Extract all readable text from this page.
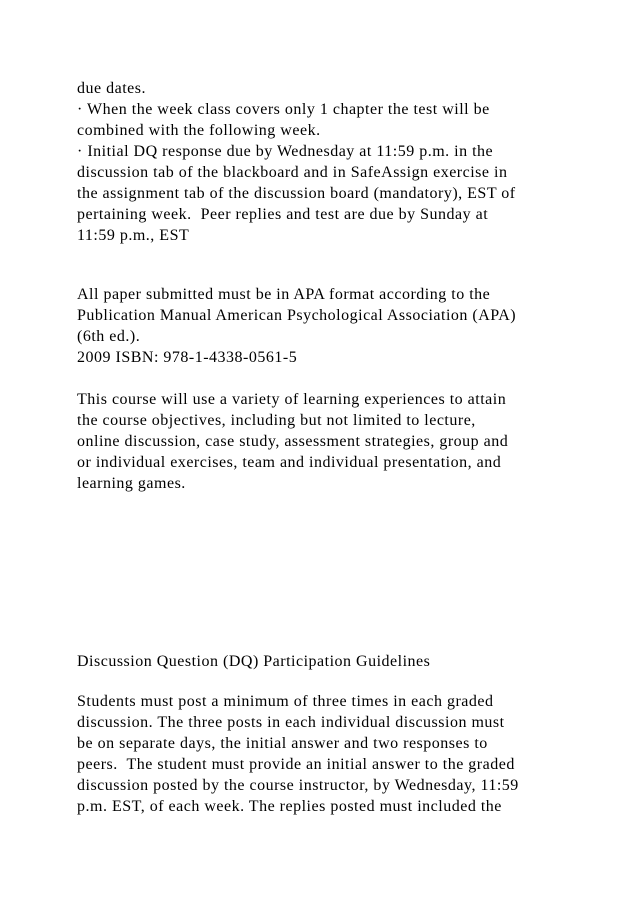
due dates.
· When the week class covers only 1 chapter the test will be
combined with the following week.
· Initial DQ response due by Wednesday at 11:59 p.m. in the
discussion tab of the blackboard and in SafeAssign exercise in
the assignment tab of the discussion board (mandatory), EST of
pertaining week.  Peer replies and test are due by Sunday at
11:59 p.m., EST
All paper submitted must be in APA format according to the
Publication Manual American Psychological Association (APA)
(6th ed.).
2009 ISBN: 978-1-4338-0561-5
This course will use a variety of learning experiences to attain
the course objectives, including but not limited to lecture,
online discussion, case study, assessment strategies, group and
or individual exercises, team and individual presentation, and
learning games.
Discussion Question (DQ) Participation Guidelines
Students must post a minimum of three times in each graded
discussion. The three posts in each individual discussion must
be on separate days, the initial answer and two responses to
peers.  The student must provide an initial answer to the graded
discussion posted by the course instructor, by Wednesday, 11:59
p.m. EST, of each week. The replies posted must included the
